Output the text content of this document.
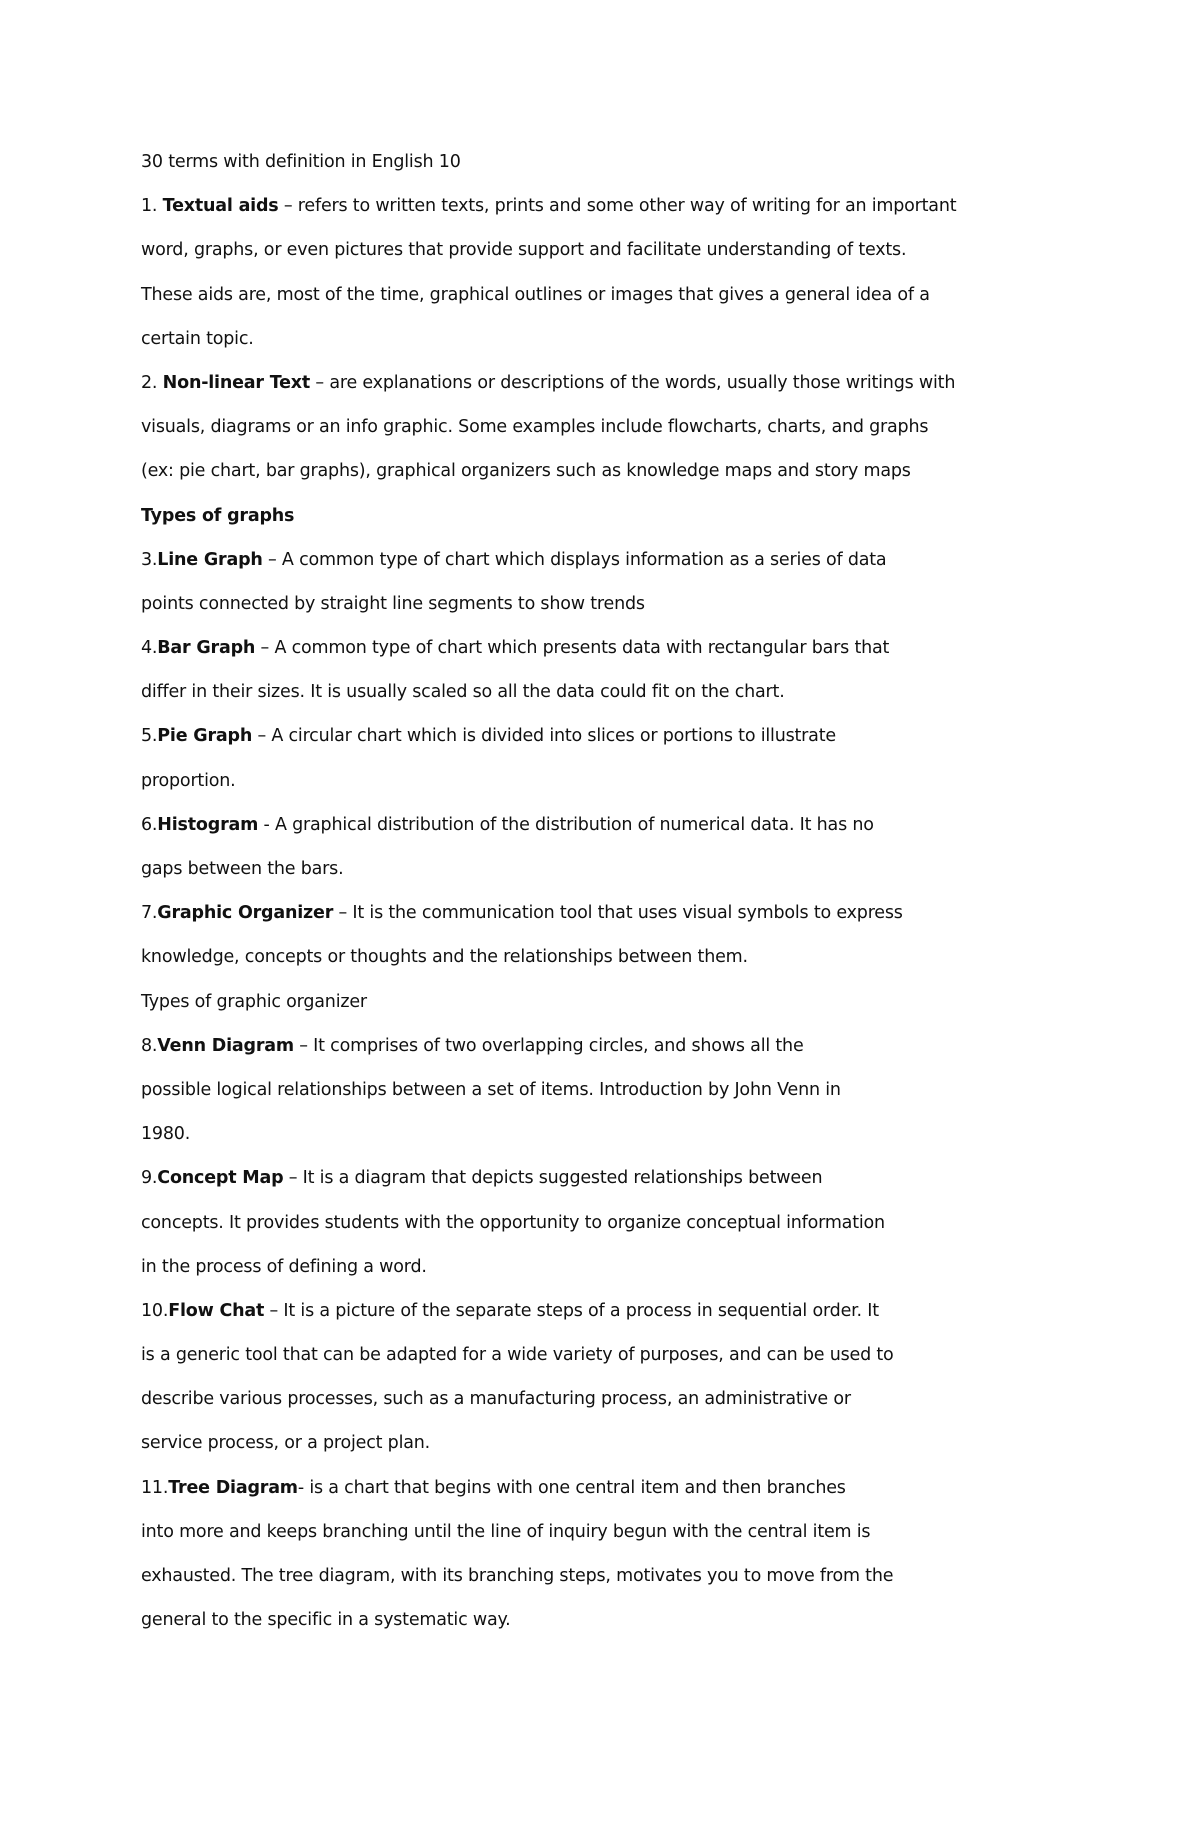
30 terms with definition in English 10

1. Textual aids – refers to written texts, prints and some other way of writing for an important

word, graphs, or even pictures that provide support and facilitate understanding of texts.

These aids are, most of the time, graphical outlines or images that gives a general idea of a

certain topic.

2. Non-linear Text – are explanations or descriptions of the words, usually those writings with

visuals, diagrams or an info graphic. Some examples include flowcharts, charts, and graphs

(ex: pie chart, bar graphs), graphical organizers such as knowledge maps and story maps

Types of graphs

3.Line Graph – A common type of chart which displays information as a series of data

points connected by straight line segments to show trends

4.Bar Graph – A common type of chart which presents data with rectangular bars that

differ in their sizes. It is usually scaled so all the data could fit on the chart.

5.Pie Graph – A circular chart which is divided into slices or portions to illustrate

proportion.

6.Histogram - A graphical distribution of the distribution of numerical data. It has no

gaps between the bars.

7.Graphic Organizer – It is the communication tool that uses visual symbols to express

knowledge, concepts or thoughts and the relationships between them.

Types of graphic organizer

8.Venn Diagram – It comprises of two overlapping circles, and shows all the

possible logical relationships between a set of items. Introduction by John Venn in

1980.

9.Concept Map – It is a diagram that depicts suggested relationships between

concepts. It provides students with the opportunity to organize conceptual information

in the process of defining a word.

10.Flow Chat – It is a picture of the separate steps of a process in sequential order. It

is a generic tool that can be adapted for a wide variety of purposes, and can be used to

describe various processes, such as a manufacturing process, an administrative or

service process, or a project plan.

11.Tree Diagram- is a chart that begins with one central item and then branches

into more and keeps branching until the line of inquiry begun with the central item is

exhausted. The tree diagram, with its branching steps, motivates you to move from the

general to the specific in a systematic way.
